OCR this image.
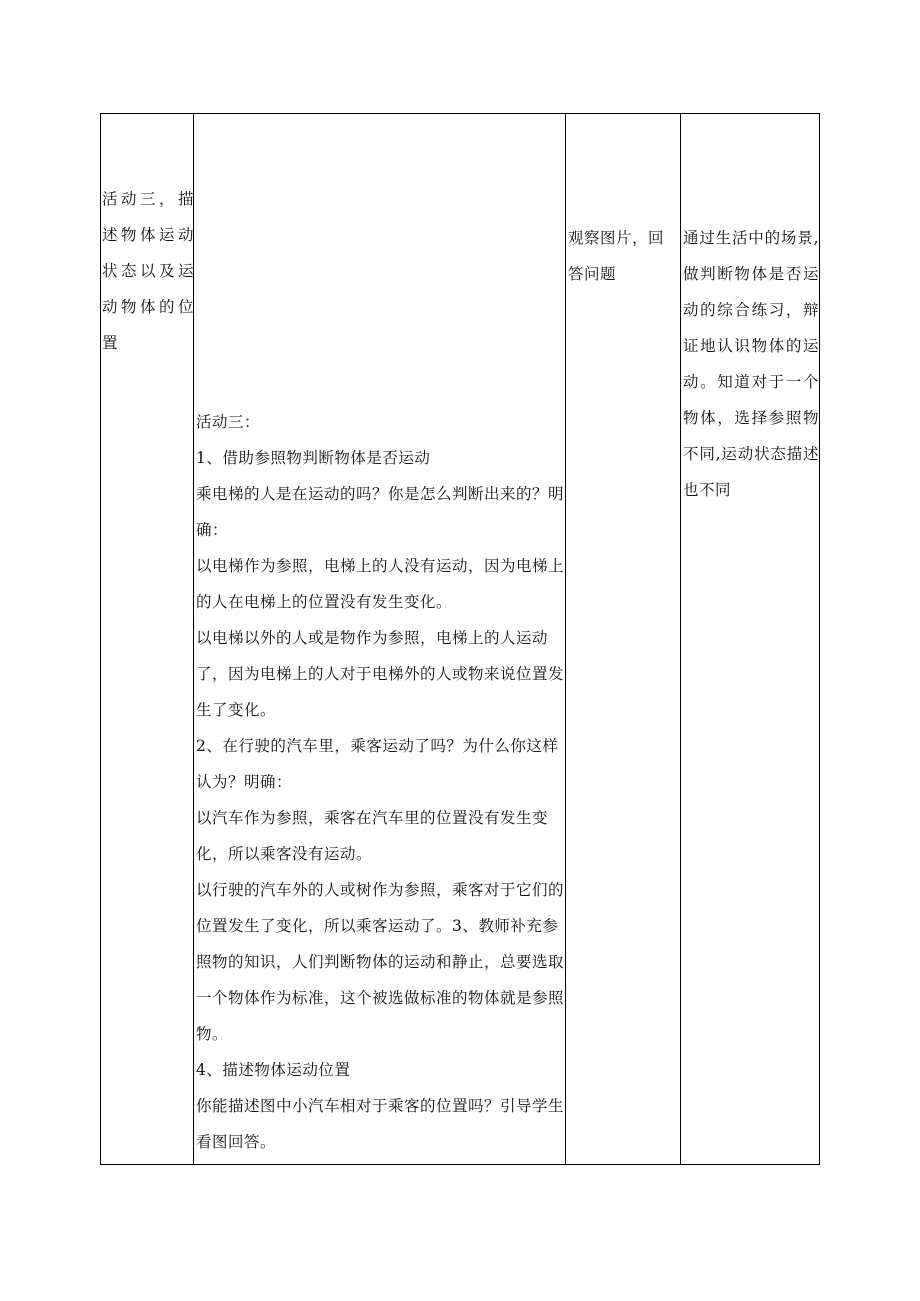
活动三，描述物体运动状态以及运动物体的位置

活动三：

1、借助参照物判断物体是否运动

乘电梯的人是在运动的吗？你是怎么判断出来的？明确：

以电梯作为参照，电梯上的人没有运动，因为电梯上的人在电梯上的位置没有发生变化。

以电梯以外的人或是物作为参照，电梯上的人运动了，因为电梯上的人对于电梯外的人或物来说位置发生了变化。

2、在行驶的汽车里，乘客运动了吗？为什么你这样认为？明确：

以汽车作为参照，乘客在汽车里的位置没有发生变化，所以乘客没有运动。

以行驶的汽车外的人或树作为参照，乘客对于它们的位置发生了变化，所以乘客运动了。3、教师补充参照物的知识，人们判断物体的运动和静止，总要选取一个物体作为标准，这个被选做标准的物体就是参照物。

4、描述物体运动位置

你能描述图中小汽车相对于乘客的位置吗？引导学生看图回答。

观察图片，回答问题

通过生活中的场景,做判断物体是否运动的综合练习，辩证地认识物体的运动。知道对于一个物体，选择参照物不同,运动状态描述也不同
